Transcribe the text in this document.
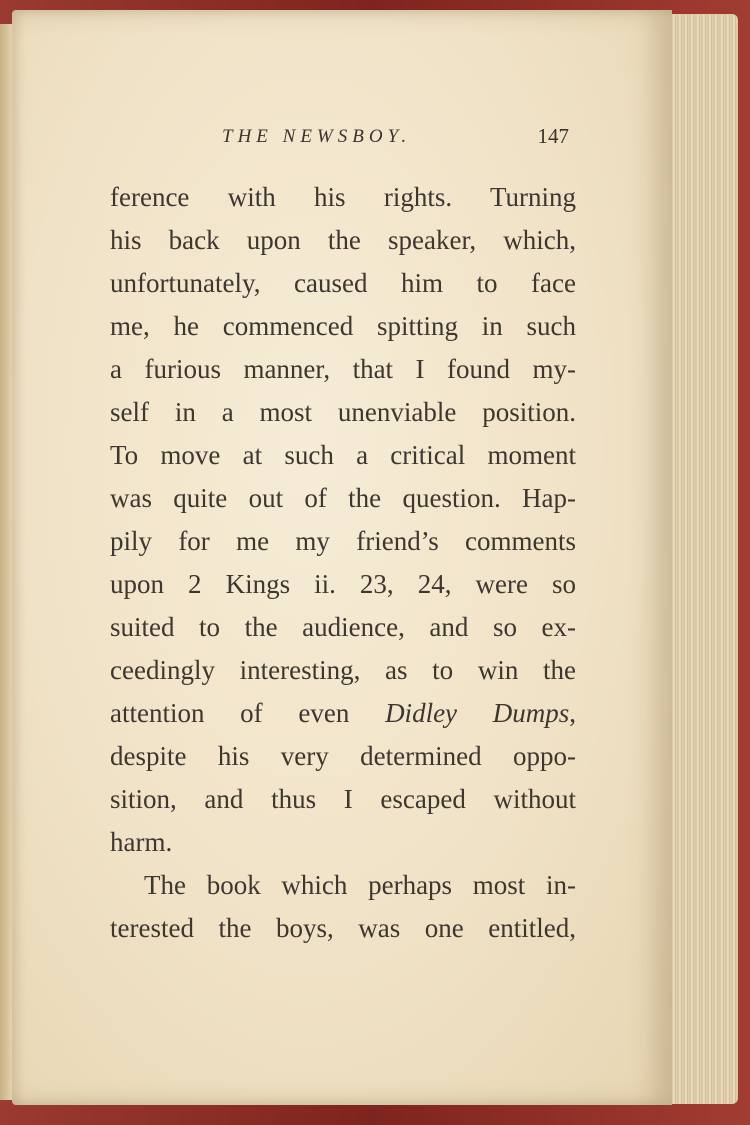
THE NEWSBOY.	147
ference with his rights. Turning
his back upon the speaker, which,
unfortunately, caused him to face
me, he commenced spitting in such
a furious manner, that I found my-
self in a most unenviable position.
To move at such a critical moment
was quite out of the question. Hap-
pily for me my friend’s comments
upon 2 Kings ii. 23, 24, were so
suited to the audience, and so ex-
ceedingly interesting, as to win the
attention of even Didley Dumps,
despite his very determined oppo-
sition, and thus I escaped without
harm.
The book which perhaps most in-
terested the boys, was one entitled,
